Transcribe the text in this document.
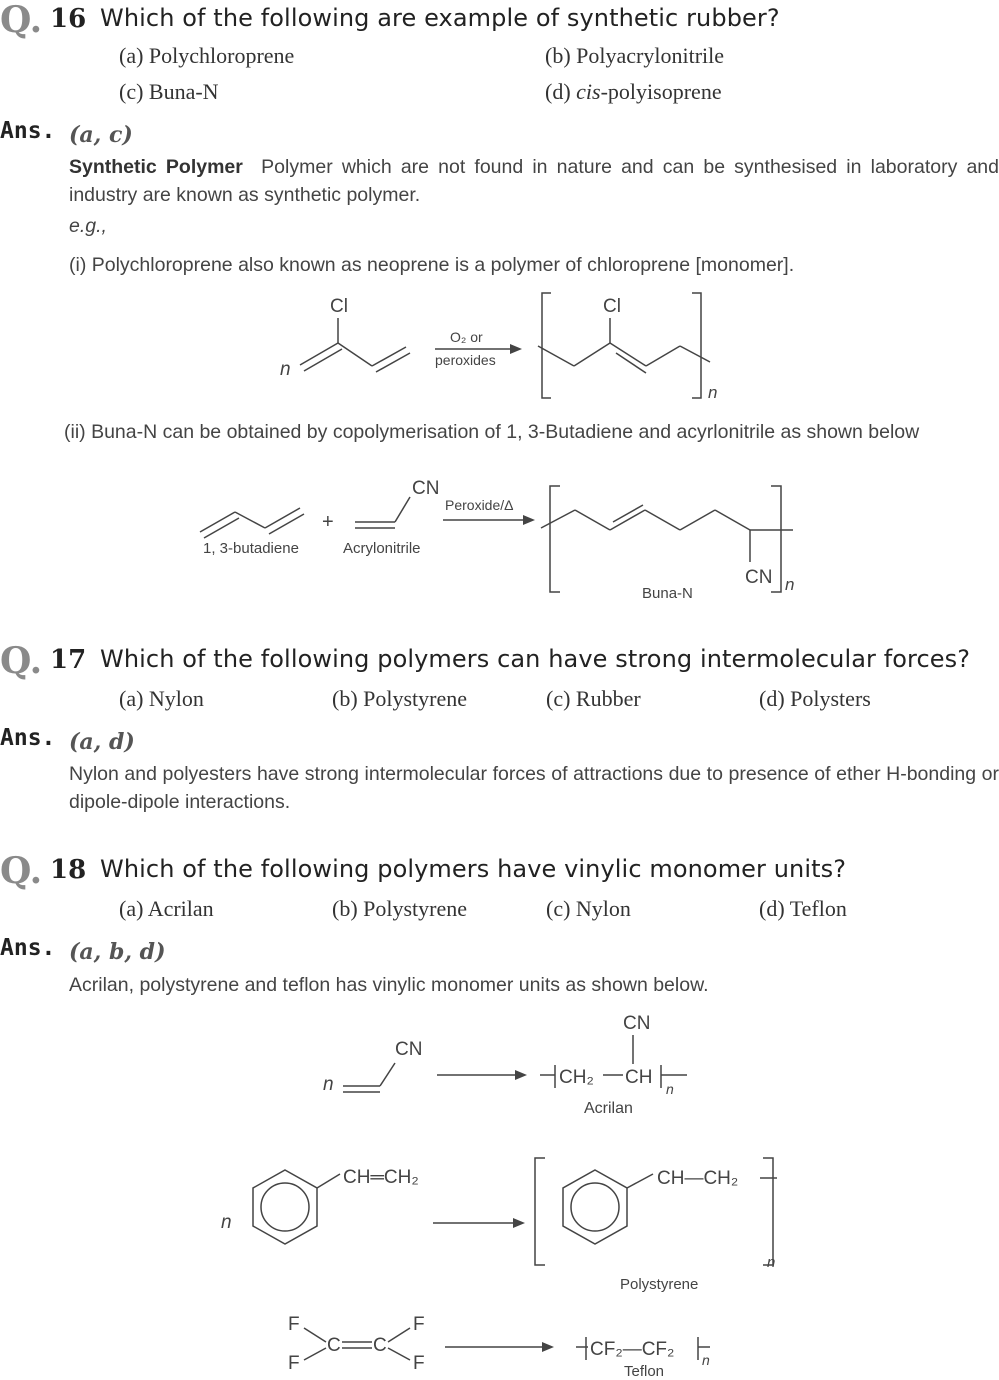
Q. 16 Which of the following are example of synthetic rubber?
(a) Polychloroprene	(b) Polyacrylonitrile
(c) Buna-N	(d) cis-polyisoprene
Ans. (a, c)
Synthetic Polymer Polymer which are not found in nature and can be synthesised in laboratory and industry are known as synthetic polymer.
e.g.,
(i) Polychloroprene also known as neoprene is a polymer of chloroprene [monomer].
n
Cl
O₂ or
peroxides
Cl
n
(ii) Buna-N can be obtained by copolymerisation of 1, 3-Butadiene and acyrlonitrile as shown below
1, 3-butadiene
+
CN
Acrylonitrile
Peroxide/Δ
CN
Buna-N	n
Q. 17 Which of the following polymers can have strong intermolecular forces?
(a) Nylon	(b) Polystyrene	(c) Rubber	(d) Polysters
Ans. (a, d)
Nylon and polyesters have strong intermolecular forces of attractions due to presence of ether H-bonding or dipole-dipole interactions.
Q. 18 Which of the following polymers have vinylic monomer units?
(a) Acrilan	(b) Polystyrene	(c) Nylon	(d) Teflon
Ans. (a, b, d)
Acrilan, polystyrene and teflon has vinylic monomer units as shown below.
n
CN
CN
CH₂ CH
n
Acrilan
n
CH═CH₂	CH—CH₂
n
Polystyrene
F
F
C C
F
F
CF₂—CF₂ n
Teflon
